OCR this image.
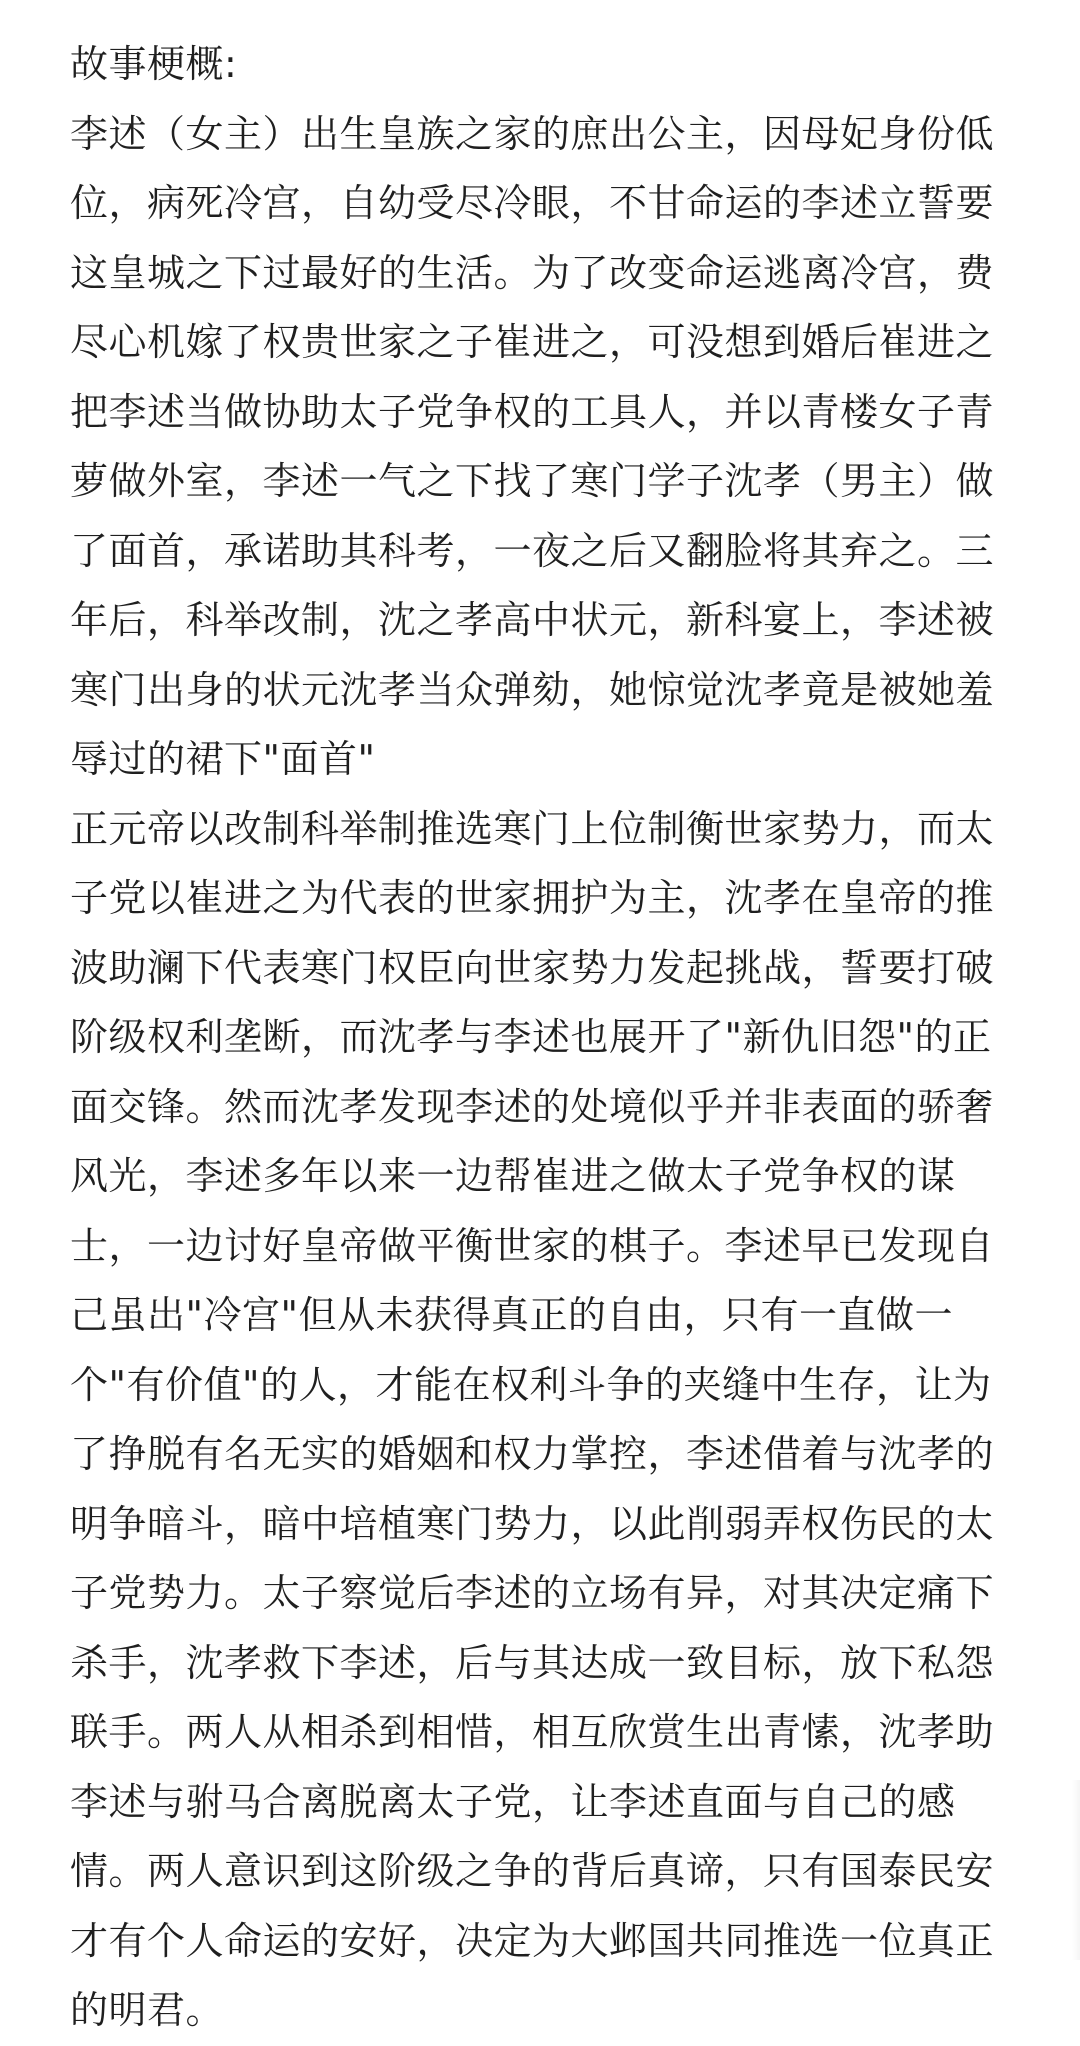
故事梗概:
李述（女主）出生皇族之家的庶出公主，因母妃身份低
位，病死冷宫，自幼受尽冷眼，不甘命运的李述立誓要
这皇城之下过最好的生活。为了改变命运逃离冷宫，费
尽心机嫁了权贵世家之子崔进之，可没想到婚后崔进之
把李述当做协助太子党争权的工具人，并以青楼女子青
萝做外室，李述一气之下找了寒门学子沈孝（男主）做
了面首，承诺助其科考，一夜之后又翻脸将其弃之。三
年后，科举改制，沈之孝高中状元，新科宴上，李述被
寒门出身的状元沈孝当众弹劾，她惊觉沈孝竟是被她羞
辱过的裙下"面首"
正元帝以改制科举制推选寒门上位制衡世家势力，而太
子党以崔进之为代表的世家拥护为主，沈孝在皇帝的推
波助澜下代表寒门权臣向世家势力发起挑战，誓要打破
阶级权利垄断，而沈孝与李述也展开了"新仇旧怨"的正
面交锋。然而沈孝发现李述的处境似乎并非表面的骄奢
风光，李述多年以来一边帮崔进之做太子党争权的谋
士，一边讨好皇帝做平衡世家的棋子。李述早已发现自
己虽出"冷宫"但从未获得真正的自由，只有一直做一
个"有价值"的人，才能在权利斗争的夹缝中生存，让为
了挣脱有名无实的婚姻和权力掌控，李述借着与沈孝的
明争暗斗，暗中培植寒门势力，以此削弱弄权伤民的太
子党势力。太子察觉后李述的立场有异，对其决定痛下
杀手，沈孝救下李述，后与其达成一致目标，放下私怨
联手。两人从相杀到相惜，相互欣赏生出青愫，沈孝助
李述与驸马合离脱离太子党，让李述直面与自己的感
情。两人意识到这阶级之争的背后真谛，只有国泰民安
才有个人命运的安好，决定为大邺国共同推选一位真正
的明君。
